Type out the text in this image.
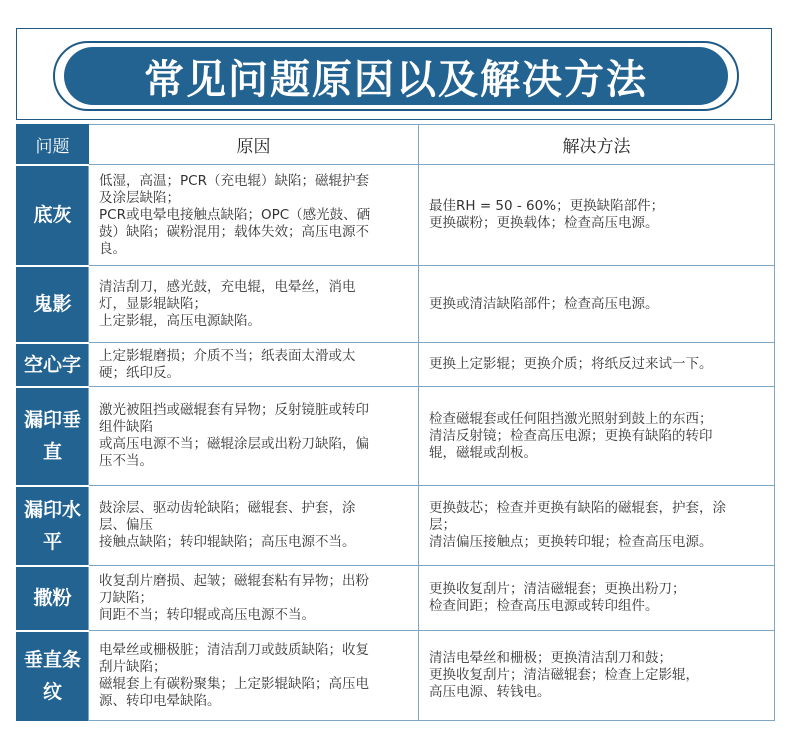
常见问题原因以及解决方法
问题	原因	解决方法
底灰	低湿，高温；PCR（充电辊）缺陷；磁辊护套
及涂层缺陷；
PCR或电晕电接触点缺陷；OPC（感光鼓、硒
鼓）缺陷；碳粉混用；载体失效；高压电源不
良。	最佳RH = 50 - 60%；更换缺陷部件；
更换碳粉；更换载体；检查高压电源。

鬼影	清洁刮刀，感光鼓，充电辊，电晕丝，消电
灯，显影辊缺陷；
上定影辊，高压电源缺陷。	更换或清洁缺陷部件；检查高压电源。

空心字	上定影辊磨损；介质不当；纸表面太滑或太
硬；纸印反。	更换上定影辊；更换介质；将纸反过来试一下。

漏印垂直	激光被阻挡或磁辊套有异物；反射镜脏或转印
组件缺陷
或高压电源不当；磁辊涂层或出粉刀缺陷，偏
压不当。	检查磁辊套或任何阻挡激光照射到鼓上的东西；
清洁反射镜；检查高压电源；更换有缺陷的转印
辊，磁辊或刮板。

漏印水平	鼓涂层、驱动齿轮缺陷；磁辊套、护套，涂
层、偏压
接触点缺陷；转印辊缺陷；高压电源不当。	更换鼓芯；检查并更换有缺陷的磁辊套，护套，涂
层；
清洁偏压接触点；更换转印辊；检查高压电源。

撒粉	收复刮片磨损、起皱；磁辊套粘有异物；出粉
刀缺陷；
间距不当；转印辊或高压电源不当。	更换收复刮片；清洁磁辊套；更换出粉刀；
检查间距；检查高压电源或转印组件。

垂直条纹	电晕丝或栅极脏；清洁刮刀或鼓质缺陷；收复
刮片缺陷；
磁辊套上有碳粉聚集；上定影辊缺陷；高压电
源、转印电晕缺陷。	清洁电晕丝和栅极；更换清洁刮刀和鼓；
更换收复刮片；清洁磁辊套；检查上定影辊，
高压电源、转钱电。
